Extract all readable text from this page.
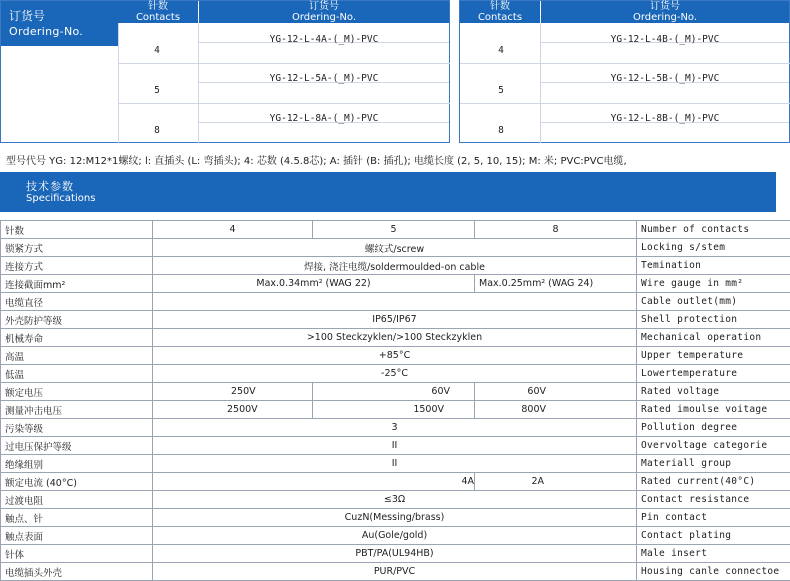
订货号
Ordering-No.
针数
Contacts
订货号
Ordering-No.
4
YG-12-L-4A-(_M)-PVC
5
YG-12-L-5A-(_M)-PVC
8
YG-12-L-8A-(_M)-PVC
针数
Contacts
订货号
Ordering-No.
4
YG-12-L-4B-(_M)-PVC
5
YG-12-L-5B-(_M)-PVC
8
YG-12-L-8B-(_M)-PVC
型号代号 YG: 12:M12*1螺纹; l: 直插头 (L: 弯插头); 4: 芯数 (4.5.8芯); A: 插针 (B: 插孔); 电缆长度 (2, 5, 10, 15); M: 米; PVC:PVC电缆,
技术参数
Specifications
针数	4	5	8	Number of contacts
锁紧方式	螺纹式/screw			Locking s/stem
连接方式	焊接, 浇注电缆/soldermoulded-on cable			Temination
连接截面mm²	Max.0.34mm² (WAG 22)		Max.0.25mm² (WAG 24)	Wire gauge in mm²
电缆直径				Cable outlet(mm)
外壳防护等级	IP65/IP67			Shell protection
机械寿命	>100 Steckzyklen/>100 Steckzyklen			Mechanical operation
高温	+85°C			Upper temperature
低温	-25°C			Lowertemperature
额定电压	250V	60V	60V	Rated voltage
测量冲击电压	2500V	1500V	800V	Rated imoulse voitage
污染等级	3			Pollution degree
过电压保护等级	II			Overvoltage categorie
绝缘组别	II			Materiall group
额定电流 (40°C)	4A		2A	Rated current(40°C)
过渡电阻	≤3Ω			Contact resistance
触点、针	CuzN(Messing/brass)			Pin contact
触点表面	Au(Gole/gold)			Contact plating
针体	PBT/PA(UL94HB)			Male insert
电缆插头外壳	PUR/PVC			Housing canle connectoe
